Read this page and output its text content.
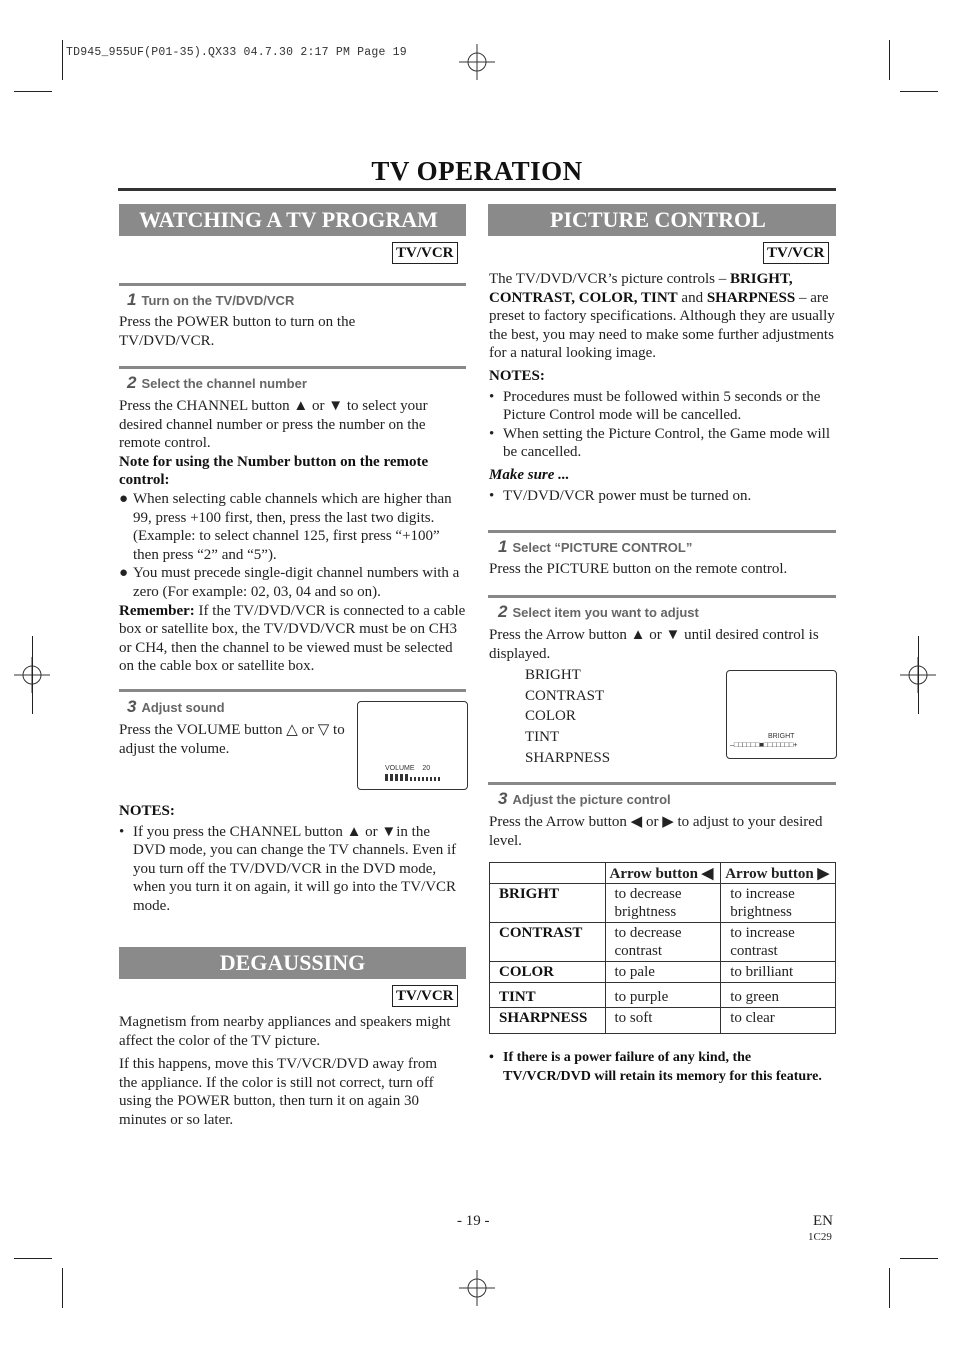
TD945_955UF(P01-35).QX33 04.7.30 2:17 PM Page 19
TV OPERATION
WATCHING A TV PROGRAM
TV/VCR
1 Turn on the TV/DVD/VCR
Press the POWER button to turn on the TV/DVD/VCR.
2 Select the channel number

Press the CHANNEL button ▲ or ▼ to select your desired channel number or press the number on the remote control.

Note for using the Number button on the remote control:

● When selecting cable channels which are higher than 99, press +100 first, then, press the last two digits. (Example: to select channel 125, first press “+100” then press “2” and “5”).
● You must precede single-digit channel numbers with a zero (For example: 02, 03, 04 and so on).

Remember: If the TV/DVD/VCR is connected to a cable box or satellite box, the TV/DVD/VCR must be on CH3 or CH4, then the channel to be viewed must be selected on the cable box or satellite box.

3 Adjust sound
Press the VOLUME button △ or ▽ to adjust the volume.
VOLUME 20

NOTES:

• If you press the CHANNEL button ▲ or ▼in the DVD mode, you can change the TV channels. Even if you turn off the TV/DVD/VCR in the DVD mode, when you turn it on again, it will go into the TV/VCR mode.
DEGAUSSING
TV/VCR

Magnetism from nearby appliances and speakers might affect the color of the TV picture.

If this happens, move this TV/VCR/DVD away from the appliance. If the color is still not correct, turn off using the POWER button, then turn it on again 30 minutes or so later.

PICTURE CONTROL
TV/VCR

The TV/DVD/VCR’s picture controls – BRIGHT, CONTRAST, COLOR, TINT and SHARPNESS – are preset to factory specifications. Although they are usually the best, you may need to make some further adjustments for a natural looking image.

NOTES:

• Procedures must be followed within 5 seconds or the Picture Control mode will be cancelled.
• When setting the Picture Control, the Game mode will be cancelled.

Make sure ...

• TV/DVD/VCR power must be turned on.
1 Select “PICTURE CONTROL”
Press the PICTURE button on the remote control.
2 Select item you want to adjust
Press the Arrow button ▲ or ▼ until desired control is displayed.
BRIGHT
CONTRAST
COLOR
TINT
SHARPNESS
BRIGHT
–□□□□□□■□□□□□□□+
3 Adjust the picture control
Press the Arrow button ◀ or ▶ to adjust to your desired level.
	Arrow button ◀	Arrow button ▶
BRIGHT	to decrease brightness	to increase brightness
CONTRAST	to decrease contrast	to increase contrast
COLOR	to pale	to brilliant
TINT	to purple	to green
SHARPNESS	to soft	to clear
• If there is a power failure of any kind, the TV/VCR/DVD will retain its memory for this feature.
- 19 -	EN
1C29
